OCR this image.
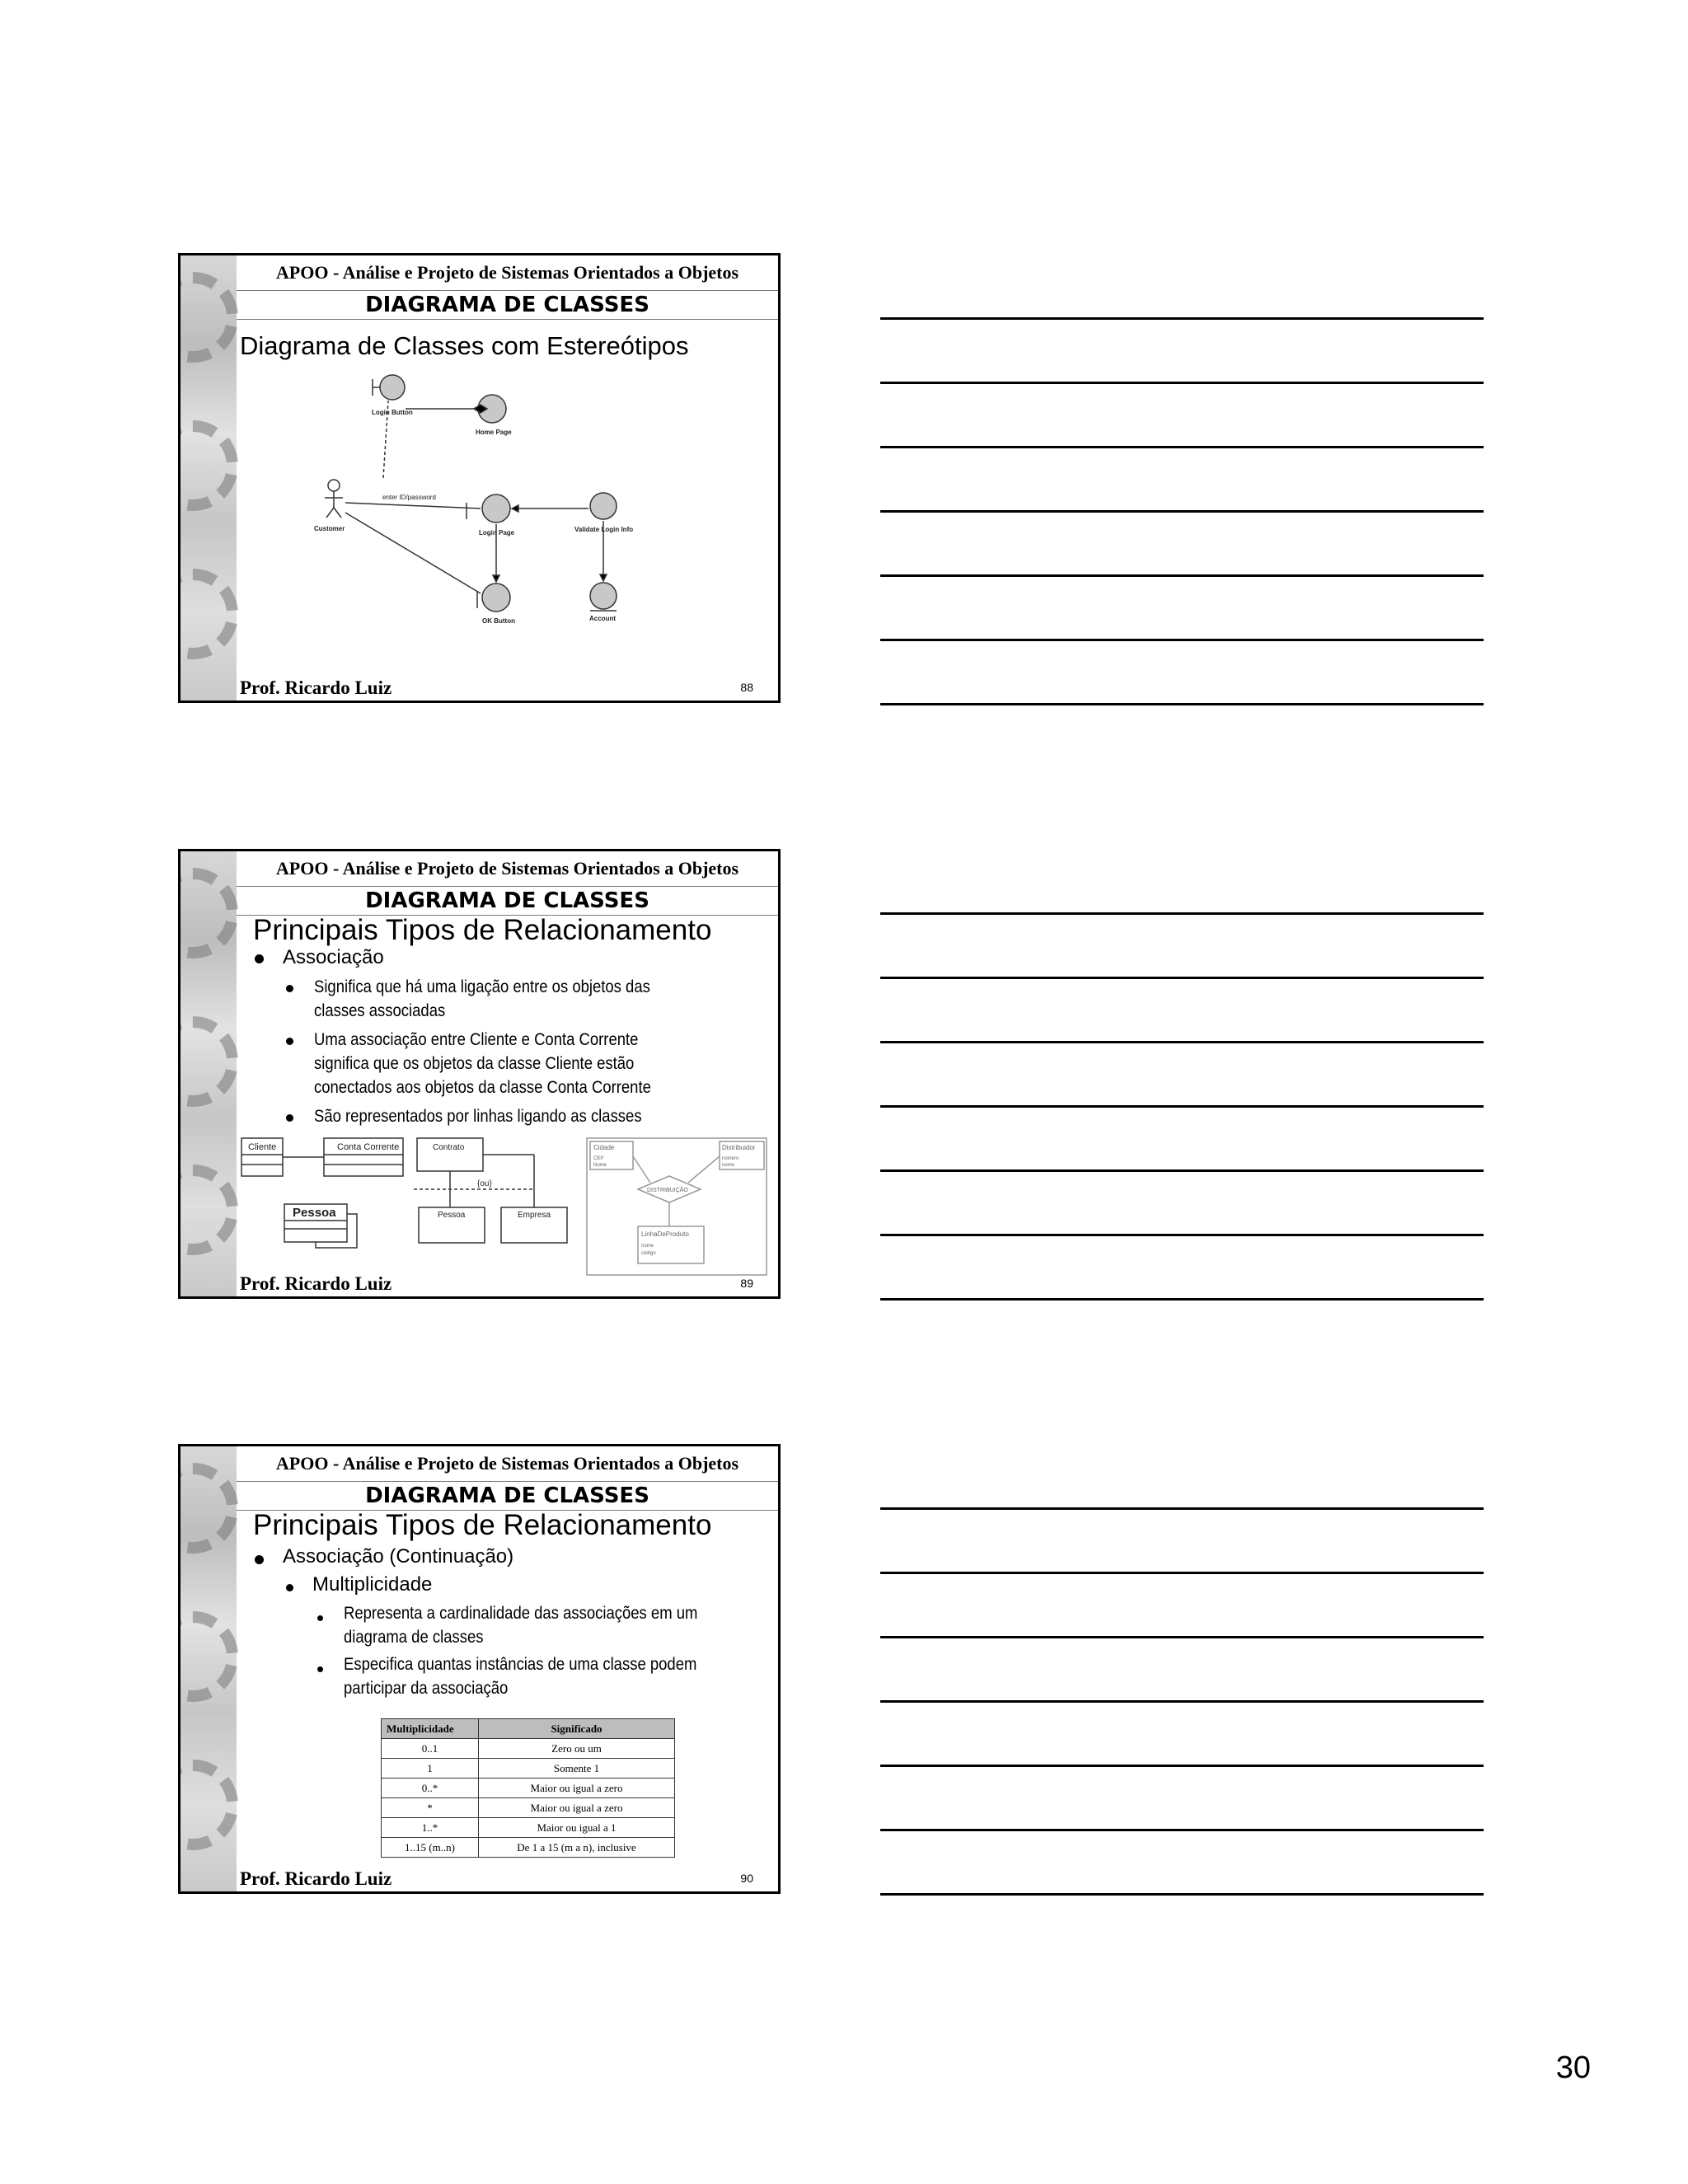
APOO - Análise e Projeto de Sistemas Orientados a Objetos
DIAGRAMA DE CLASSES
Diagrama de Classes com Estereótipos
Login Button
Home Page
Customer
enter ID/password
Login Page	Validate Login Info
OK Button	Account
Prof. Ricardo Luiz	88
APOO - Análise e Projeto de Sistemas Orientados a Objetos
DIAGRAMA DE CLASSES
Principais Tipos de Relacionamento
Associação
Significa que há uma ligação entre os objetos das classes associadas
Uma associação entre Cliente e Conta Corrente significa que os objetos da classe Cliente estão conectados aos objetos da classe Conta Corrente
São representados por linhas ligando as classes
Cliente	Conta Corrente	Contrato
{ou}
Pessoa	Empresa
Pessoa
Cidade
CEP
Nome
Distribuidor
número
nome
DISTRIBUIÇÃO
LinhaDeProduto
nome
código
Prof. Ricardo Luiz	89
APOO - Análise e Projeto de Sistemas Orientados a Objetos
DIAGRAMA DE CLASSES
Principais Tipos de Relacionamento
Associação (Continuação)
Multiplicidade
Representa a cardinalidade das associações em um diagrama de classes
Especifica quantas instâncias de uma classe podem participar da associação
Multiplicidade	Significado
0..1	Zero ou um
1	Somente 1
0..*	Maior ou igual a zero
*	Maior ou igual a zero
1..*	Maior ou igual a 1
1..15 (m..n)	De 1 a 15 (m a n), inclusive
Prof. Ricardo Luiz	90
30
